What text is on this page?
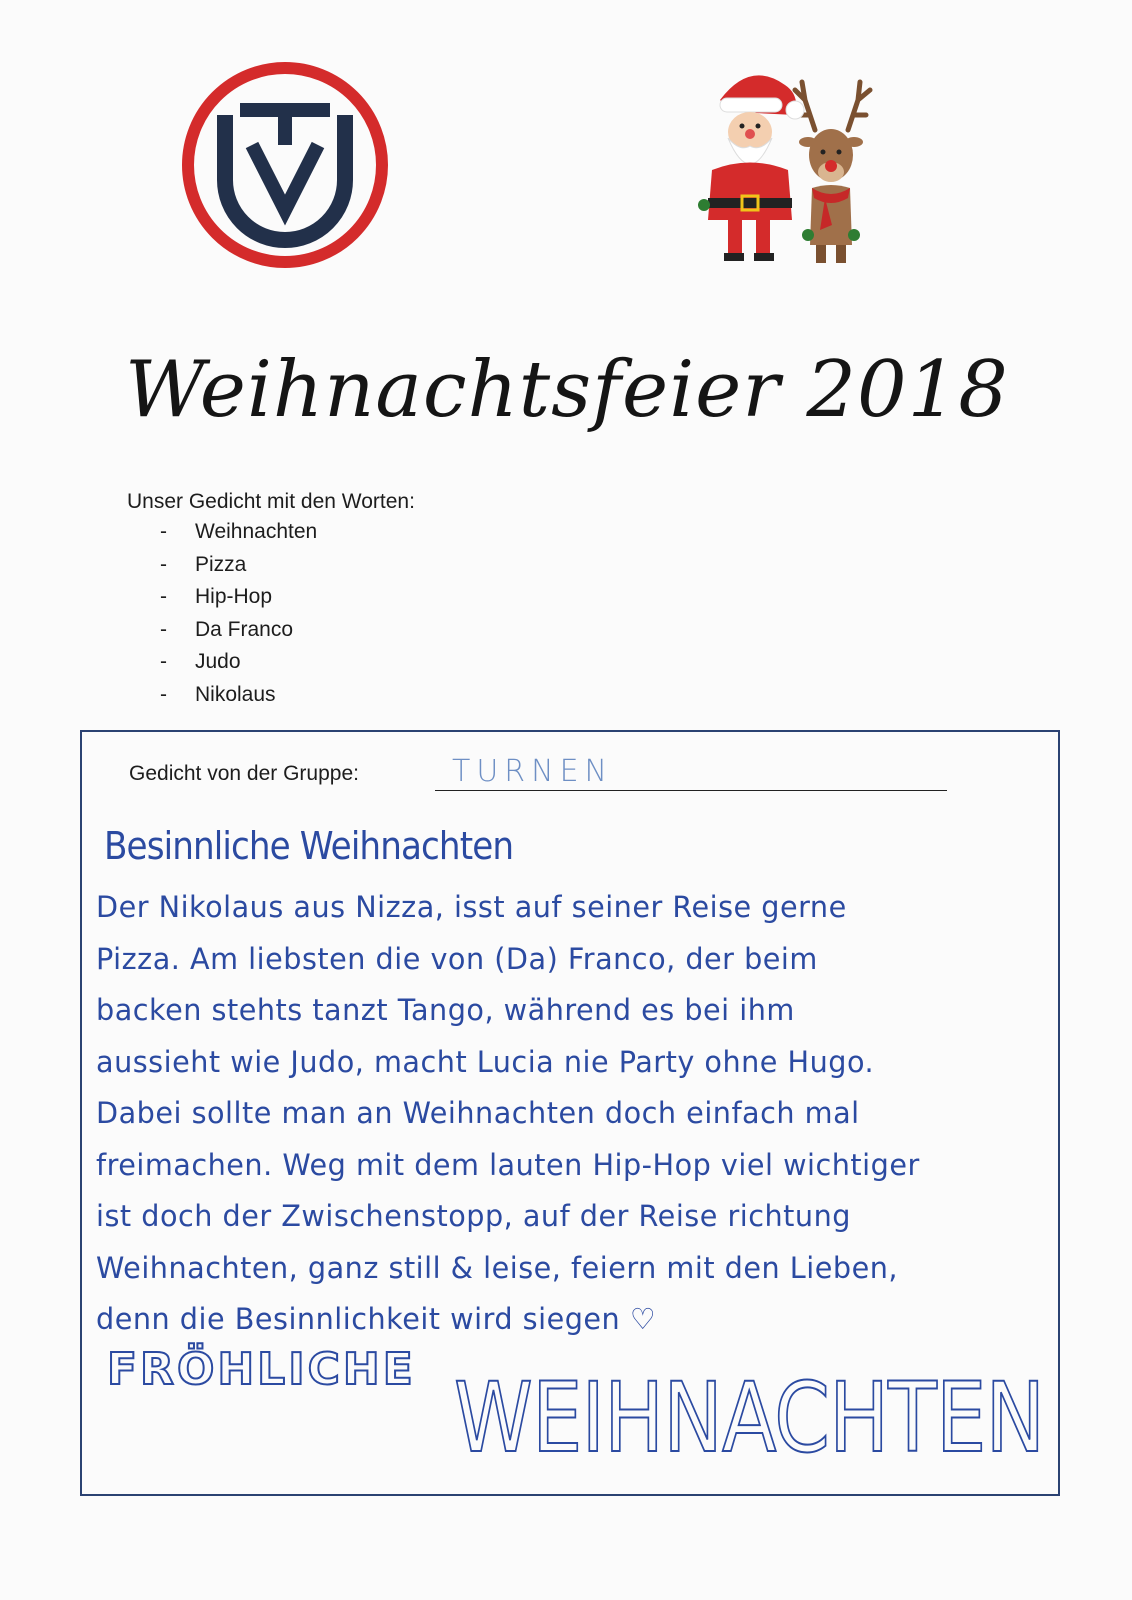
Weihnachtsfeier 2018
Unser Gedicht mit den Worten:
-	Weihnachten
-	Pizza
-	Hip-Hop
-	Da Franco
-	Judo
-	Nikolaus
Gedicht von der Gruppe:	TURNEN
Besinnliche Weihnachten
Der Nikolaus aus Nizza, isst auf seiner Reise gerne
Pizza. Am liebsten die von (Da) Franco, der beim
backen stehts tanzt Tango, während es bei ihm
aussieht wie Judo, macht Lucia nie Party ohne Hugo.
Dabei sollte man an Weihnachten doch einfach mal
freimachen. Weg mit dem lauten Hip-Hop viel wichtiger
ist doch der Zwischenstopp, auf der Reise richtung
Weihnachten, ganz still & leise, feiern mit den Lieben,
denn die Besinnlichkeit wird siegen ♡
FRÖHLICHE WEIHNACHTEN
